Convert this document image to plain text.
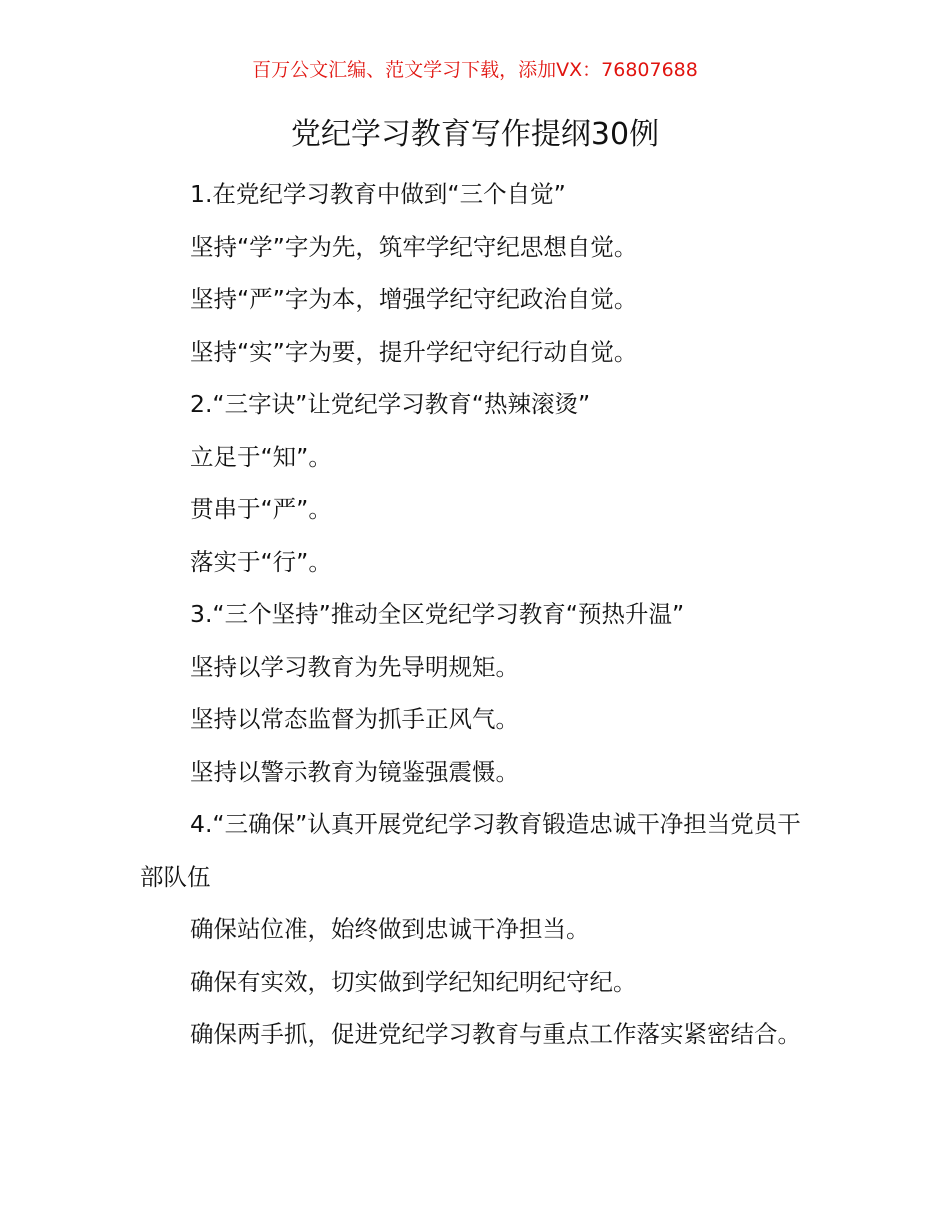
百万公文汇编、范文学习下载，添加VX：76807688
党纪学习教育写作提纲30例

1.在党纪学习教育中做到“三个自觉”

坚持“学”字为先，筑牢学纪守纪思想自觉。

坚持“严”字为本，增强学纪守纪政治自觉。

坚持“实”字为要，提升学纪守纪行动自觉。

2.“三字诀”让党纪学习教育“热辣滚烫”

立足于“知”。

贯串于“严”。

落实于“行”。

3.“三个坚持”推动全区党纪学习教育“预热升温”

坚持以学习教育为先导明规矩。

坚持以常态监督为抓手正风气。

坚持以警示教育为镜鉴强震慑。

4.“三确保”认真开展党纪学习教育锻造忠诚干净担当党员干部队伍

确保站位准，始终做到忠诚干净担当。

确保有实效，切实做到学纪知纪明纪守纪。

确保两手抓，促进党纪学习教育与重点工作落实紧密结合。
